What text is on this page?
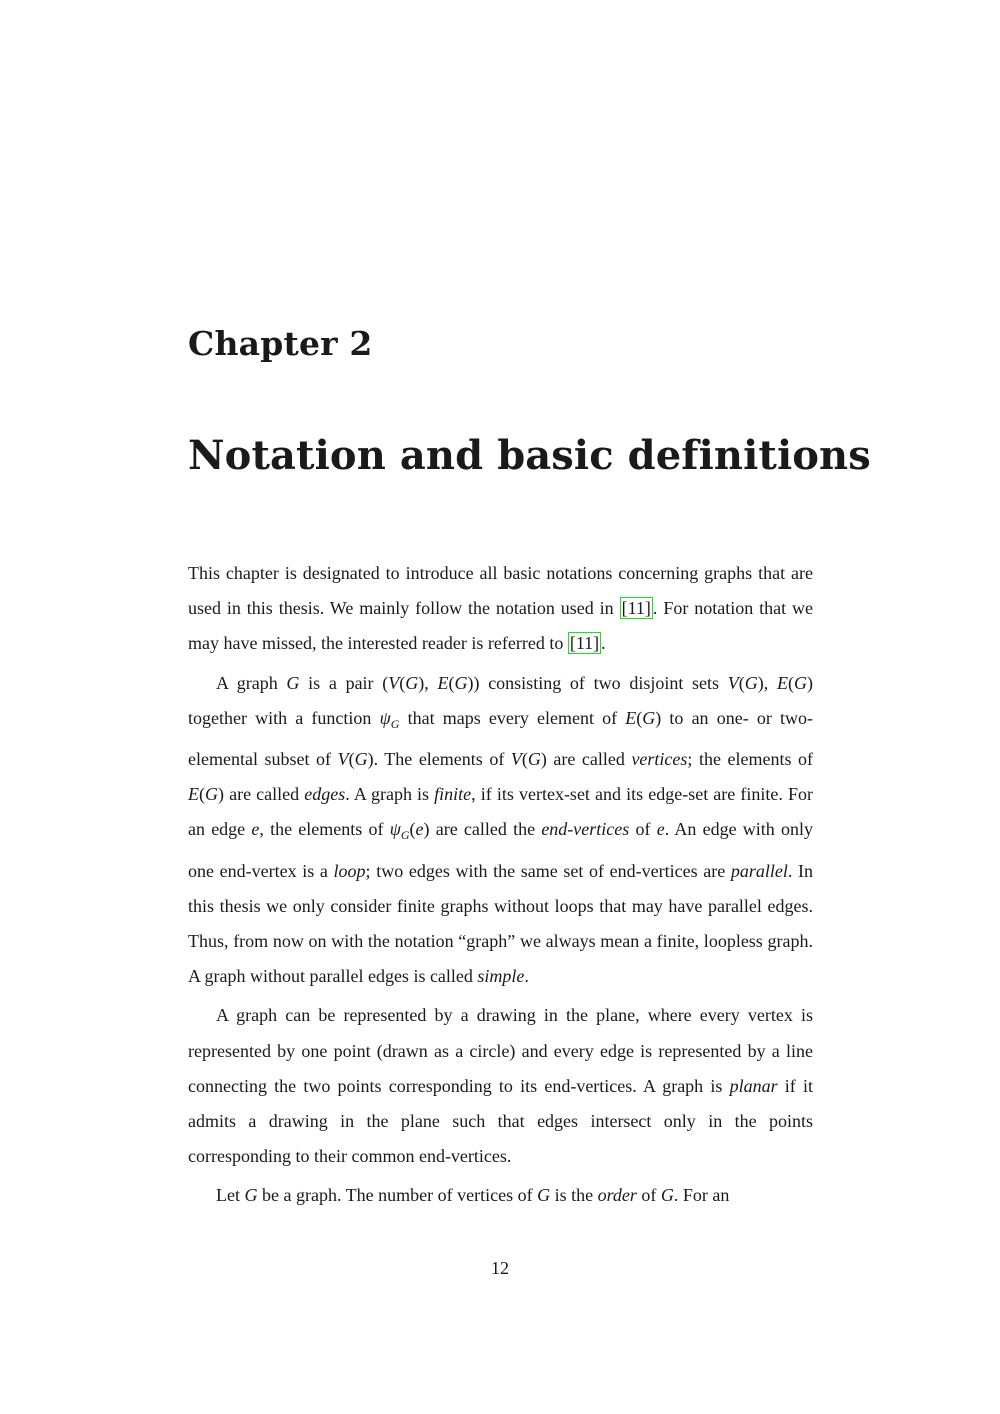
Chapter 2
Notation and basic definitions

This chapter is designated to introduce all basic notations concerning graphs that are used in this thesis. We mainly follow the notation used in [11] . For notation that we may have missed, the interested reader is referred to [11] .

A graph G is a pair (V(G), E(G)) consisting of two disjoint sets V(G), E(G) together with a function $\psi_G$ that maps every element of E(G) to an one- or two-elemental subset of V(G). The elements of V(G) are called vertices; the elements of E(G) are called edges. A graph is finite, if its vertex-set and its edge-set are finite. For an edge e, the elements of $\psi_G(e)$ are called the end-vertices of e. An edge with only one end-vertex is a loop; two edges with the same set of end-vertices are parallel. In this thesis we only consider finite graphs without loops that may have parallel edges. Thus, from now on with the notation “graph” we always mean a finite, loopless graph. A graph without parallel edges is called simple.

A graph can be represented by a drawing in the plane, where every vertex is represented by one point (drawn as a circle) and every edge is represented by a line connecting the two points corresponding to its end-vertices. A graph is planar if it admits a drawing in the plane such that edges intersect only in the points corresponding to their common end-vertices.

Let G be a graph. The number of vertices of G is the order of G. For an

12
